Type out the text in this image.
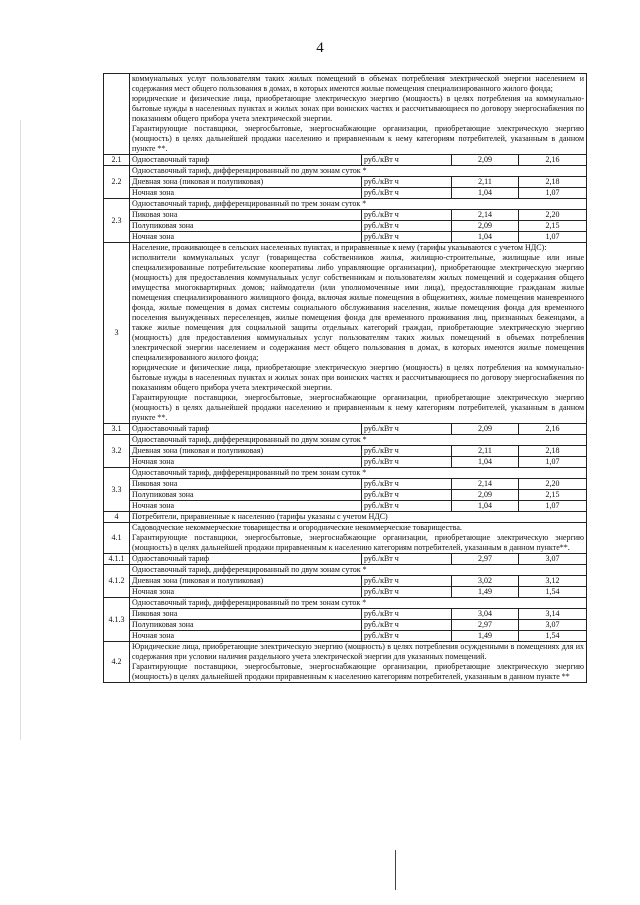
4

	коммунальных услуг пользователям таких жилых помещений в объемах потребления электрической энергии населением и содержания мест общего пользования в домах, в которых имеются жилые помещения специализированного жилого фонда;
юридические и физические лица, приобретающие электрическую энергию (мощность) в целях потребления на коммунально-бытовые нужды в населенных пунктах и жилых зонах при воинских частях и рассчитывающиеся по договору энергоснабжения по показаниям общего прибора учета электрической энергии.
Гарантирующие поставщики, энергосбытовые, энергоснабжающие организации, приобретающие электрическую энергию (мощность) в целях дальнейшей продажи населению и приравненным к нему категориям потребителей, указанным в данном пункте **.			

2.1	Одноставочный тариф	руб./кВт ч	2,09	2,16
2.2	Одноставочный тариф, дифференцированный по двум зонам суток *			
	Дневная зона (пиковая и полупиковая)	руб./кВт ч	2,11	2,18
	Ночная зона	руб./кВт ч	1,04	1,07
2.3	Одноставочный тариф, дифференцированный по трем зонам суток *			
	Пиковая зона	руб./кВт ч	2,14	2,20
	Полупиковая зона	руб./кВт ч	2,09	2,15
	Ночная зона	руб./кВт ч	1,04	1,07
3	Население, проживающее в сельских населенных пунктах, и приравненные к нему (тарифы указываются с учетом НДС):
исполнители коммунальных услуг (товарищества собственников жилья, жилищно-строительные, жилищные или иные специализированные потребительские кооперативы либо управляющие организации), приобретающие электрическую энергию (мощность) для предоставления коммунальных услуг собственникам и пользователям жилых помещений и содержания общего имущества многоквартирных домов; наймодатели (или уполномоченные ими лица), предоставляющие гражданам жилые помещения специализированного жилищного фонда, включая жилые помещения в общежитиях, жилые помещения маневренного фонда, жилые помещения в домах системы социального обслуживания населения, жилые помещения фонда для временного поселения вынужденных переселенцев, жилые помещения фонда для временного проживания лиц, признанных беженцами, а также жилые помещения для социальной защиты отдельных категорий граждан, приобретающие электрическую энергию (мощность) для предоставления коммунальных услуг пользователям таких жилых помещений в объемах потребления электрической энергии населением и содержания мест общего пользования в домах, в которых имеются жилые помещения специализированного жилого фонда;
юридические и физические лица, приобретающие электрическую энергию (мощность) в целях потребления на коммунально-бытовые нужды в населенных пунктах и жилых зонах при воинских частях и рассчитывающиеся по договору энергоснабжения по показаниям общего прибора учета электрической энергии.
Гарантирующие поставщики, энергосбытовые, энергоснабжающие организации, приобретающие электрическую энергию (мощность) в целях дальнейшей продажи населению и приравненным к нему категориям потребителей, указанным в данном пункте **.			

3.1	Одноставочный тариф	руб./кВт ч	2,09	2,16
3.2	Одноставочный тариф, дифференцированный по двум зонам суток *			
	Дневная зона (пиковая и полупиковая)	руб./кВт ч	2,11	2,18
	Ночная зона	руб./кВт ч	1,04	1,07
3.3	Одноставочный тариф, дифференцированный по трем зонам суток *			
	Пиковая зона	руб./кВт ч	2,14	2,20
	Полупиковая зона	руб./кВт ч	2,09	2,15
	Ночная зона	руб./кВт ч	1,04	1,07
4	Потребители, приравненные к населению (тарифы указаны с учетом НДС)			
4.1	Садоводческие некоммерческие товарищества и огороднические некоммерческие товарищества.
Гарантирующие поставщики, энергосбытовые, энергоснабжающие организации, приобретающие электрическую энергию (мощность) в целях дальнейшей продажи приравненным к населению категориям потребителей, указанным в данном пункте**.			

4.1.1	Одноставочный тариф	руб./кВт ч	2,97	3,07
4.1.2	Одноставочный тариф, дифференцированный по двум зонам суток *			
	Дневная зона (пиковая и полупиковая)	руб./кВт ч	3,02	3,12
	Ночная зона	руб./кВт ч	1,49	1,54
4.1.3	Одноставочный тариф, дифференцированный по трем зонам суток *			
	Пиковая зона	руб./кВт ч	3,04	3,14
	Полупиковая зона	руб./кВт ч	2,97	3,07
	Ночная зона	руб./кВт ч	1,49	1,54
4.2	Юридические лица, приобретающие электрическую энергию (мощность) в целях потребления осужденными в помещениях для их содержания при условии наличия раздельного учета электрической энергии для указанных помещений.
Гарантирующие поставщики, энергосбытовые, энергоснабжающие организации, приобретающие электрическую энергию (мощность) в целях дальнейшей продажи приравненным к населению категориям потребителей, указанным в данном пункте **			
